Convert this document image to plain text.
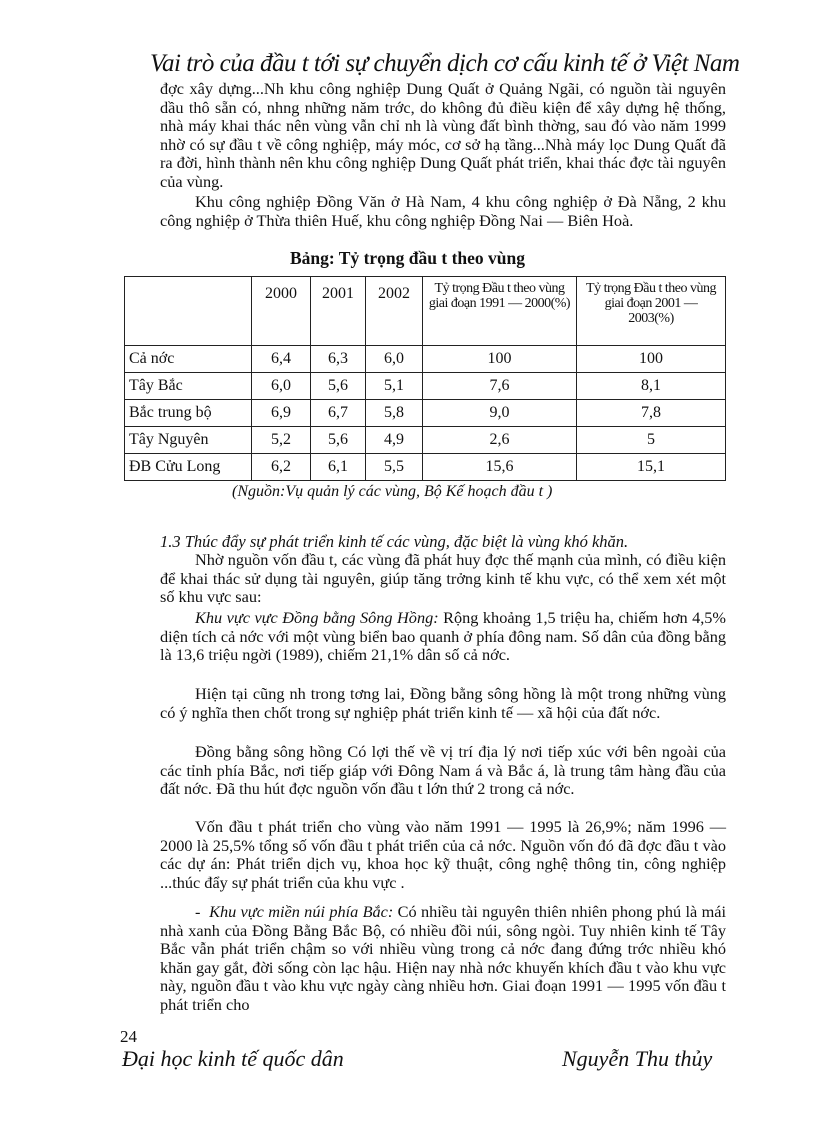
Vai trò của đầu t tới sự chuyển dịch cơ cấu kinh tế ở Việt Nam
đợc xây dựng...Nh khu công nghiệp Dung Quất ở Quảng Ngãi, có nguồn tài nguyên dầu thô sẵn có, nhng những năm trớc, do không đủ điều kiện để xây dựng hệ thống, nhà máy khai thác nên vùng vẫn chỉ nh là vùng đất bình thờng, sau đó vào năm 1999 nhờ có sự đầu t về công nghiệp, máy móc, cơ sở hạ tầng...Nhà máy lọc Dung Quất đã ra đời, hình thành nên khu công nghiệp Dung Quất phát triển, khai thác đợc tài nguyên của vùng.
Khu công nghiệp Đồng Văn ở Hà Nam, 4 khu công nghiệp ở Đà Nẵng, 2 khu công nghiệp ở Thừa thiên Huế, khu công nghiệp Đồng Nai — Biên Hoà.
Bảng: Tỷ trọng đầu t theo vùng
	2000	2001	2002	Tỷ trọng Đầu t theo vùng giai đoạn 1991 — 2000(%)	Tỷ trọng Đầu t theo vùng giai đoạn 2001 — 2003(%)
Cả nớc	6,4	6,3	6,0	100	100
Tây Bắc	6,0	5,6	5,1	7,6	8,1
Bắc trung bộ	6,9	6,7	5,8	9,0	7,8
Tây Nguyên	5,2	5,6	4,9	2,6	5
ĐB Cửu Long	6,2	6,1	5,5	15,6	15,1
(Nguồn:Vụ quản lý các vùng, Bộ Kế hoạch đầu t )
1.3 Thúc đẩy sự phát triển kinh tế các vùng, đặc biệt là vùng khó khăn.
Nhờ nguồn vốn đầu t, các vùng đã phát huy đợc thế mạnh của mình, có điều kiện để khai thác sử dụng tài nguyên, giúp tăng trởng kinh tế khu vực, có thể xem xét một số khu vực sau:
Khu vực vực Đồng bằng Sông Hồng: Rộng khoảng 1,5 triệu ha, chiếm hơn 4,5% diện tích cả nớc với một vùng biển bao quanh ở phía đông nam. Số dân của đồng bằng là 13,6 triệu ngời (1989), chiếm 21,1% dân số cả nớc.
Hiện tại cũng nh trong tơng lai, Đồng bằng sông hồng là một trong những vùng có ý nghĩa then chốt trong sự nghiệp phát triển kinh tế — xã hội của đất nớc.
Đồng bằng sông hồng Có lợi thế về vị trí địa lý nơi tiếp xúc với bên ngoài của các tỉnh phía Bắc, nơi tiếp giáp với Đông Nam á và Bắc á, là trung tâm hàng đầu của đất nớc. Đã thu hút đợc nguồn vốn đầu t lớn thứ 2 trong cả nớc.
Vốn đầu t phát triển cho vùng vào năm 1991 — 1995 là 26,9%; năm 1996 — 2000 là 25,5% tổng số vốn đầu t phát triển của cả nớc. Nguồn vốn đó đã đợc đầu t vào các dự án: Phát triển dịch vụ, khoa học kỹ thuật, công nghệ thông tin, công nghiệp ...thúc đẩy sự phát triển của khu vực .
- Khu vực miền núi phía Bắc: Có nhiều tài nguyên thiên nhiên phong phú là mái nhà xanh của Đồng Bằng Bắc Bộ, có nhiều đồi núi, sông ngòi. Tuy nhiên kinh tế Tây Bắc vẫn phát triển chậm so với nhiều vùng trong cả nớc đang đứng trớc nhiều khó khăn gay gắt, đời sống còn lạc hậu. Hiện nay nhà nớc khuyến khích đầu t vào khu vực này, nguồn đầu t vào khu vực ngày càng nhiều hơn. Giai đoạn 1991 — 1995 vốn đầu t phát triển cho
24
Đại học kinh tế quốc dân	Nguyễn Thu thủy
